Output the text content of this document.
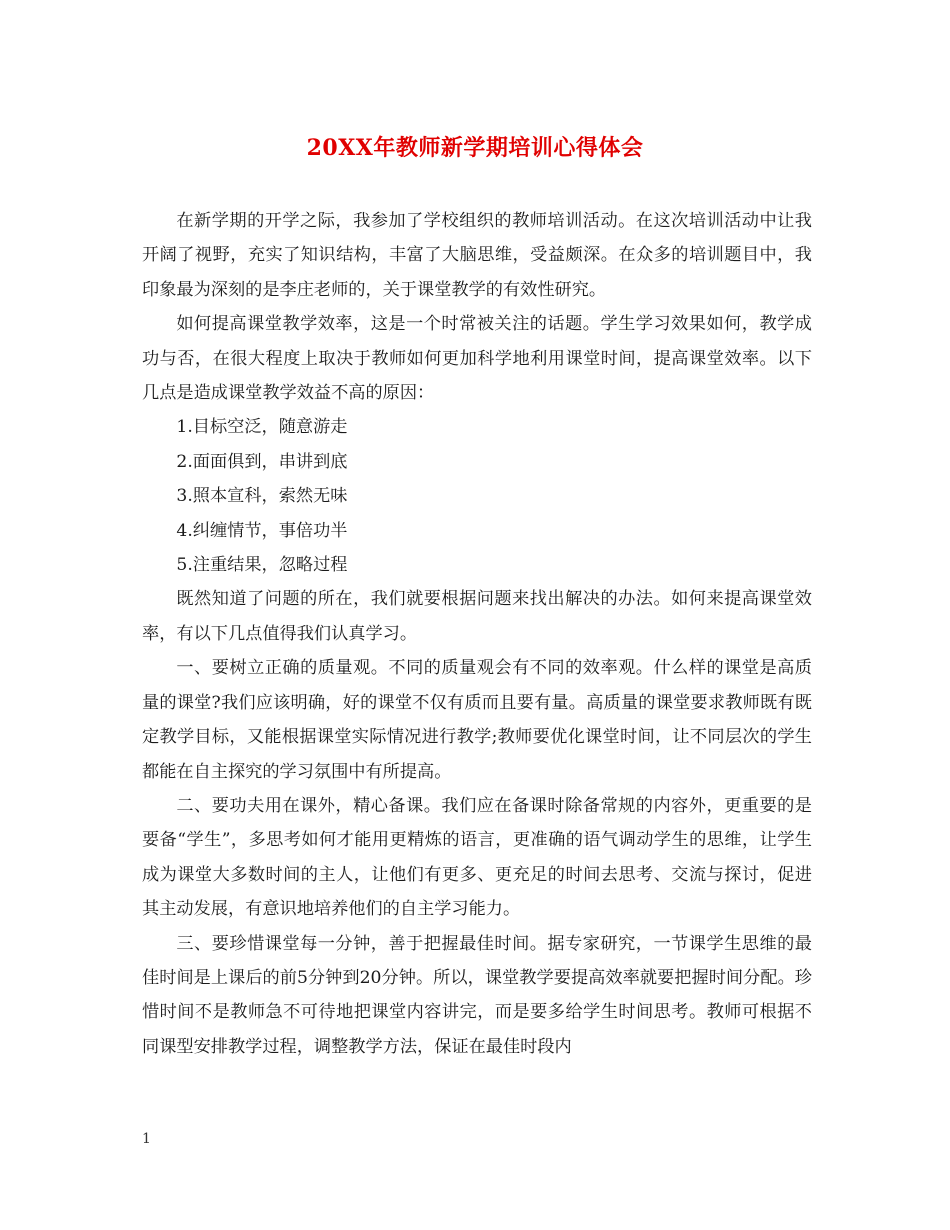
20XX年教师新学期培训心得体会

在新学期的开学之际，我参加了学校组织的教师培训活动。在这次培训活动中让我开阔了视野，充实了知识结构，丰富了大脑思维，受益颇深。在众多的培训题目中，我印象最为深刻的是李庄老师的，关于课堂教学的有效性研究。

如何提高课堂教学效率，这是一个时常被关注的话题。学生学习效果如何，教学成功与否，在很大程度上取决于教师如何更加科学地利用课堂时间，提高课堂效率。以下几点是造成课堂教学效益不高的原因：

1.目标空泛，随意游走

2.面面俱到，串讲到底

3.照本宣科，索然无味

4.纠缠情节，事倍功半

5.注重结果，忽略过程

既然知道了问题的所在，我们就要根据问题来找出解决的办法。如何来提高课堂效率，有以下几点值得我们认真学习。

一、要树立正确的质量观。不同的质量观会有不同的效率观。什么样的课堂是高质量的课堂?我们应该明确，好的课堂不仅有质而且要有量。高质量的课堂要求教师既有既定教学目标，又能根据课堂实际情况进行教学;教师要优化课堂时间，让不同层次的学生都能在自主探究的学习氛围中有所提高。

二、要功夫用在课外，精心备课。我们应在备课时除备常规的内容外，更重要的是要备“学生”，多思考如何才能用更精炼的语言，更准确的语气调动学生的思维，让学生成为课堂大多数时间的主人，让他们有更多、更充足的时间去思考、交流与探讨，促进其主动发展，有意识地培养他们的自主学习能力。

三、要珍惜课堂每一分钟，善于把握最佳时间。据专家研究，一节课学生思维的最佳时间是上课后的前5分钟到20分钟。所以，课堂教学要提高效率就要把握时间分配。珍惜时间不是教师急不可待地把课堂内容讲完，而是要多给学生时间思考。教师可根据不同课型安排教学过程，调整教学方法，保证在最佳时段内

1
